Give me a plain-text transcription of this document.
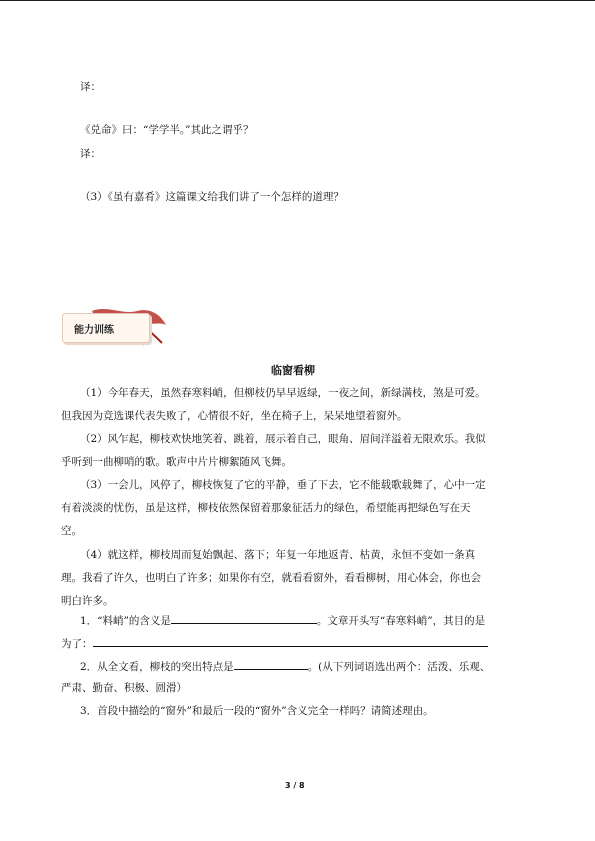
译：
《兑命》曰：“学学半。”其此之谓乎？
译：
（3）《虽有嘉肴》这篇课文给我们讲了一个怎样的道理？
能力训练
临窗看柳
（1）今年春天，虽然春寒料峭，但柳枝仍早早返绿，一夜之间，新绿满枝，煞是可爱。
但我因为竞选课代表失败了，心情很不好，坐在椅子上，呆呆地望着窗外。
（2）风乍起，柳枝欢快地笑着、跳着，展示着自己，眼角、眉间洋溢着无限欢乐。我似
乎听到一曲柳哨的歌。歌声中片片柳絮随风飞舞。
（3）一会儿，风停了，柳枝恢复了它的平静，垂了下去，它不能载歌载舞了，心中一定
有着淡淡的忧伤，虽是这样，柳枝依然保留着那象征活力的绿色，希望能再把绿色写在天
空。
（4）就这样，柳枝周而复始飘起、落下；年复一年地返青、枯黄，永恒不变如一条真
理。我看了许久，也明白了许多；如果你有空，就看看窗外，看看柳树，用心体会，你也会
明白许多。
1．“料峭”的含义是	。文章开头写“春寒料峭”，其目的是
为了：
2．从全文看，柳枝的突出特点是	。(从下列词语选出两个：活泼、乐观、
严肃、勤奋、积极、圆滑）
3．首段中描绘的“窗外”和最后一段的“窗外”含义完全一样吗？请简述理由。
3 / 8
